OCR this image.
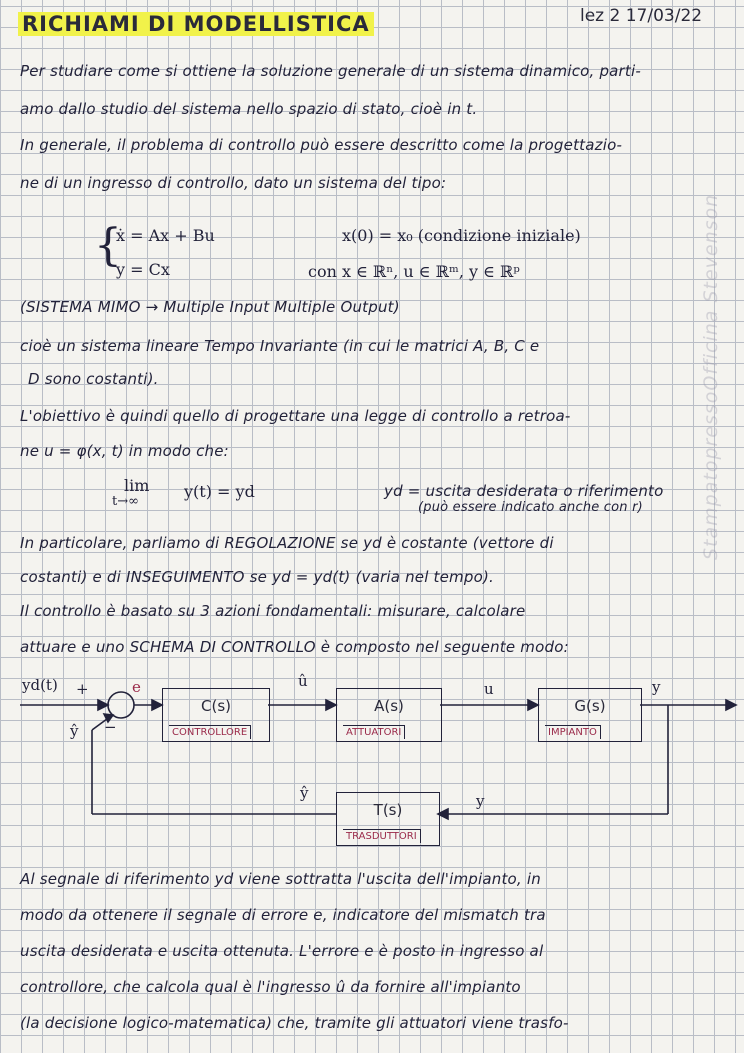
RICHIAMI DI MODELLISTICA	lez 2 17/03/22
Per studiare come si ottiene la soluzione generale di un sistema dinamico, parti-
amo dallo studio del sistema nello spazio di stato, cioè in t.
In generale, il problema di controllo può essere descritto come la progettazio-
ne di un ingresso di controllo, dato un sistema del tipo:
{
ẋ = Ax + Bu
y = Cx
x(0) = x₀ (condizione iniziale)
con x ∈ ℝⁿ, u ∈ ℝᵐ, y ∈ ℝᵖ
(SISTEMA MIMO → Multiple Input Multiple Output)
cioè un sistema lineare Tempo Invariante (in cui le matrici A, B, C e
D sono costanti).
L'obiettivo è quindi quello di progettare una legge di controllo a retroa-
ne u = φ(x, t) in modo che:
lim
t→∞
y(t) = yd	yd = uscita desiderata o riferimento
(può essere indicato anche con r)
In particolare, parliamo di REGOLAZIONE se yd è costante (vettore di
costanti) e di INSEGUIMENTO se yd = yd(t) (varia nel tempo).
Il controllo è basato su 3 azioni fondamentali: misurare, calcolare
attuare e uno SCHEMA DI CONTROLLO è composto nel seguente modo:
C(s)
CONTROLLORE
A(s)
ATTUATORI
G(s)
IMPIANTO
T(s)
TRASDUTTORI
yd(t) +
−
ŷ
e	û	u	y
y
ŷ
Al segnale di riferimento yd viene sottratta l'uscita dell'impianto, in
modo da ottenere il segnale di errore e, indicatore del mismatch tra
uscita desiderata e uscita ottenuta. L'errore e è posto in ingresso al
controllore, che calcola qual è l'ingresso û da fornire all'impianto
(la decisione logico-matematica) che, tramite gli attuatori viene trasfo-
StampatopressoOfficina Stevenson
